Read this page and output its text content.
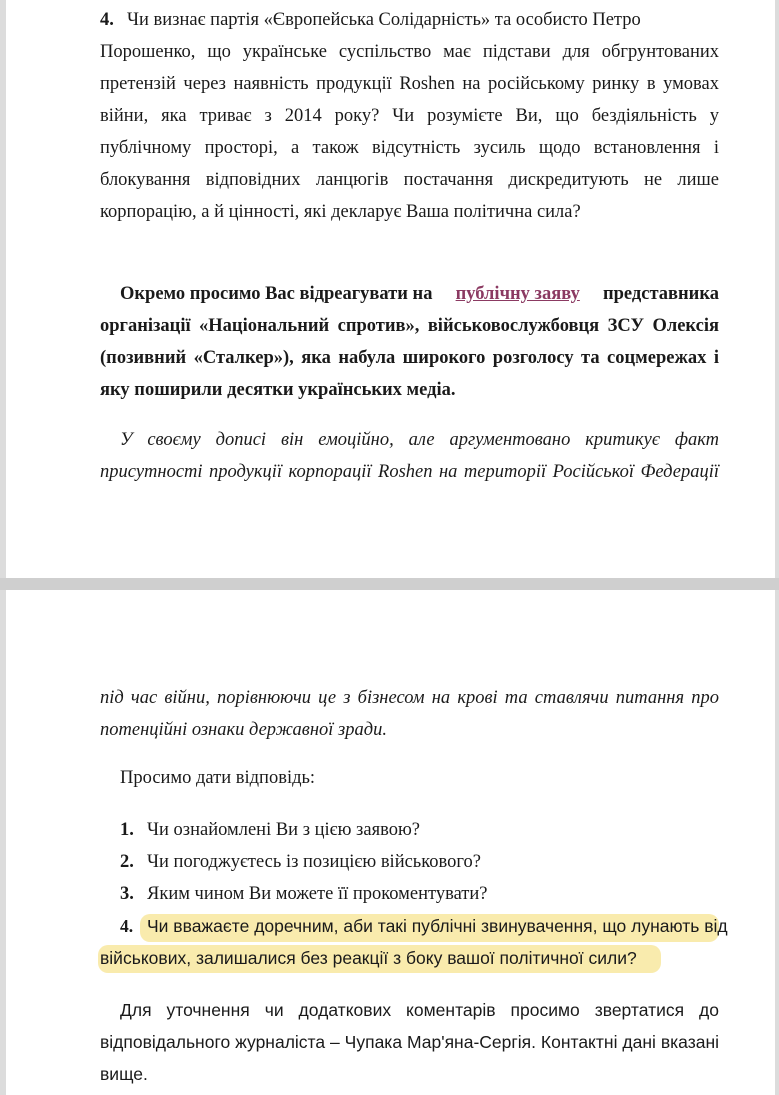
4. Чи визнає партія «Європейська Солідарність» та особисто Петро
Порошенко, що українське суспільство має підстави для обгрунтованих
претензій через наявність продукції Roshen на російському ринку в умовах
війни, яка триває з 2014 року? Чи розумієте Ви, що бездіяльність у
публічному просторі, а також відсутність зусиль щодо встановлення і
блокування відповідних ланцюгів постачання дискредитують не лише
корпорацію, а й цінності, які декларує Ваша політична сила?
Окремо просимо Вас відреагувати на публічну заяву представника
організації «Національний спротив», військовослужбовця ЗСУ Олексія
(позивний «Сталкер»), яка набула широкого розголосу та соцмережах і
яку поширили десятки українських медіа.
У своєму дописі він емоційно, але аргументовано критикує факт
присутності продукції корпорації Roshen на території Російської Федерації
під час війни, порівнюючи це з бізнесом на крові та ставлячи питання про
потенційні ознаки державної зради.
Просимо дати відповідь:
1. Чи ознайомлені Ви з цією заявою?
2. Чи погоджуєтесь із позицією військового?
3. Яким чином Ви можете її прокоментувати?
4. Чи вважаєте доречним, аби такі публічні звинувачення, що лунають від
військових, залишалися без реакції з боку вашої політичної сили?
Для уточнення чи додаткових коментарів просимо звертатися до
відповідального журналіста – Чупака Мар'яна-Сергія. Контактні дані вказані
вище.
